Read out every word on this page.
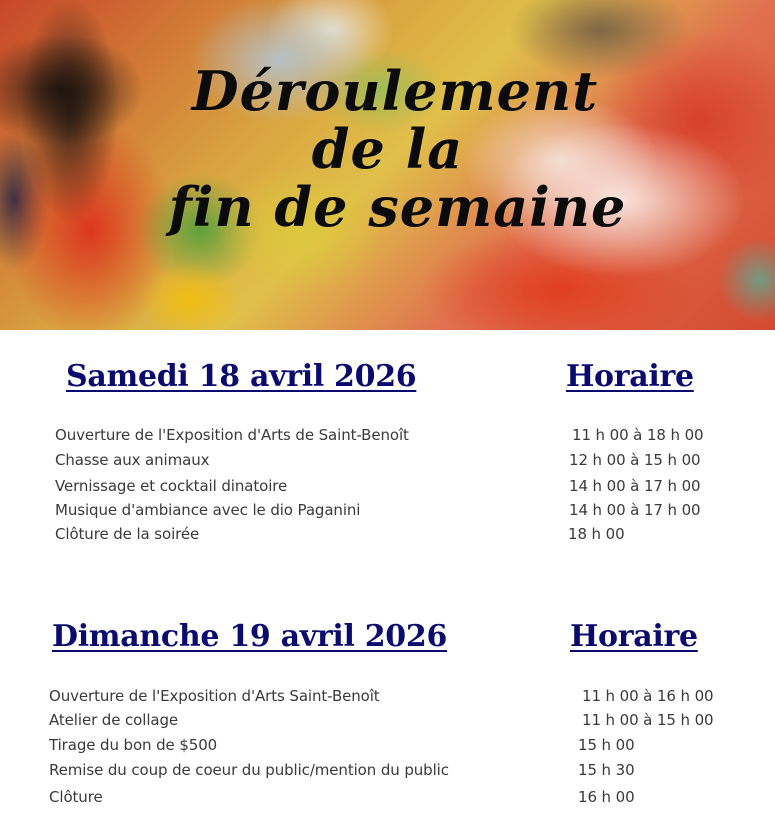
Déroulement
de la
fin de semaine
Samedi 18 avril 2026	Horaire
Ouverture de l'Exposition d'Arts de Saint-Benoît	11 h 00 à 18 h 00
Chasse aux animaux	12 h 00 à 15 h 00
Vernissage et cocktail dinatoire	14 h 00 à 17 h 00
Musique d'ambiance avec le dio Paganini	14 h 00 à 17 h 00
Clôture de la soirée	18 h 00
Dimanche 19 avril 2026	Horaire
Ouverture de l'Exposition d'Arts Saint-Benoît	11 h 00 à 16 h 00
Atelier de collage	11 h 00 à 15 h 00
Tirage du bon de $500	15 h 00
Remise du coup de coeur du public/mention du public	15 h 30
Clôture	16 h 00
